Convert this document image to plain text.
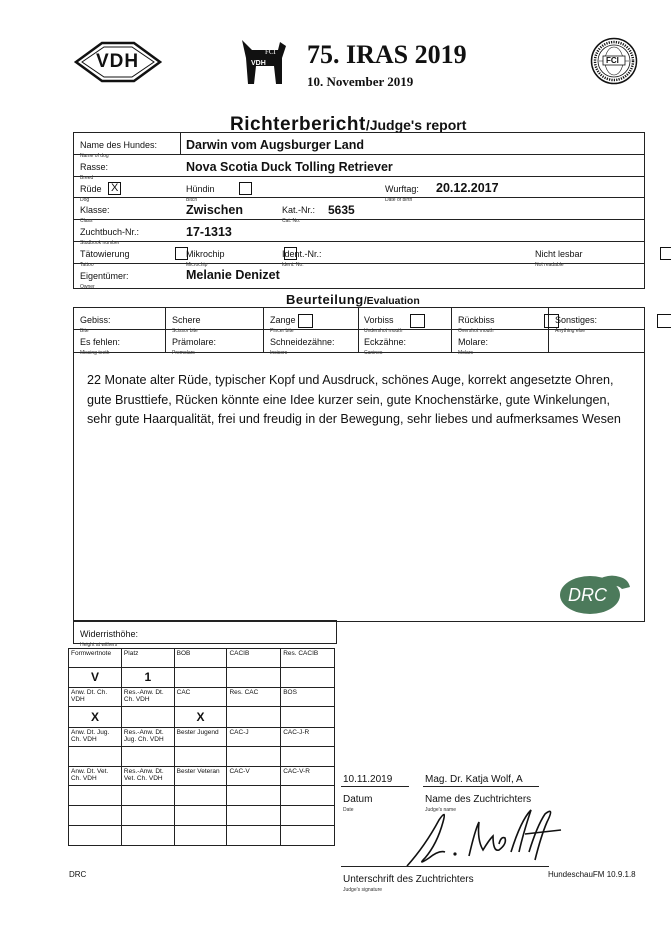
VDH	FCI
VDH 75. IRAS 2019
10. November 2019
FCI
Richterbericht/Judge's report
Name des Hundes:
Name of dog
Darwin vom Augsburger Land
Rasse:
Breed
Nova Scotia Duck Tolling Retriever
Rüde
Dog
X
	Hündin
Bitch

Wurftag:
Date of birth
20.12.2017
Klasse:
Class
Zwischen	Kat.-Nr.:
Cat. No.
5635
Zuchtbuch-Nr.:
Studbook number
17-1313
Tätowierung
Tattoo

Mikrochip
Microchip

Ident.-Nr.:
Ident. No.
Nicht lesbar
Not readable

Eigentümer:
Owner
Melanie Denizet
Beurteilung/Evaluation
Gebiss:
Bite
Schere
Scissor bite

Zange
Pincer bite

Vorbiss
Undershot mouth

Rückbiss
Overshot mouth
Sonstiges:
Anything else
Es fehlen:
Missing teeth
Prämolare:
Premolars
Schneidezähne:
Incisors
Eckzähne:
Canines
Molare:
Molars
22 Monate alter Rüde, typischer Kopf und Ausdruck, schönes Auge, korrekt angesetzte Ohren, gute Brusttiefe, Rücken könnte eine Idee kurzer sein, gute Knochenstärke, gute Winkelungen, sehr gute Haarqualität, frei und freudig in der Bewegung, sehr liebes und aufmerksames Wesen
DRC
Widerristhöhe:
Height at withers
Formwertnote	Platz	BOB	CACIB	Res. CACIB
V	1			
Anw. Dt. Ch. VDH	Res.-Anw. Dt. Ch. VDH	CAC	Res. CAC	BOS
X		X		
Anw. Dt. Jug. Ch. VDH	Res.-Anw. Dt. Jug. Ch. VDH	Bester Jugend	CAC-J	CAC-J-R

Anw. Dt. Vet. Ch. VDH	Res.-Anw. Dt. Vet. Ch. VDH	Bester Veteran	CAC-V	CAC-V-R

10.11.2019
Datum
Date
Mag. Dr. Katja Wolf, A
Name des Zuchtrichters
Judge's name
Unterschrift des Zuchtrichters
Judge's signature
DRC	HundeschauFM 10.9.1.8
